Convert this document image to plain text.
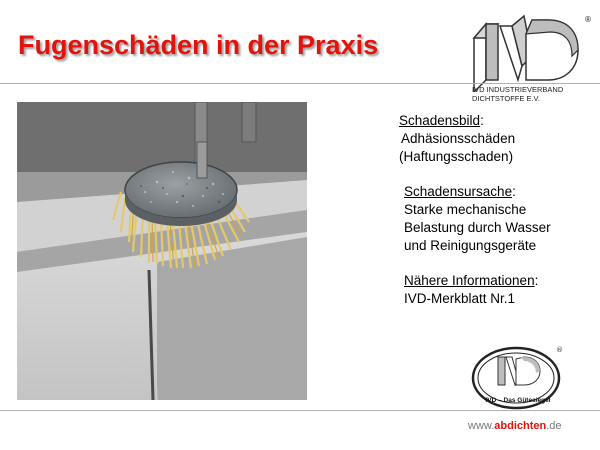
Fugenschäden in der Praxis
®
IVD INDUSTRIEVERBAND
DICHTSTOFFE E.V.

Schadensbild:

Adhäsionsschäden

(Haftungsschaden)

Schadensursache:

Starke mechanische

Belastung durch Wasser

und Reinigungsgeräte

Nähere Informationen:

IVD-Merkblatt Nr.1

®
IVD – Das Gütesiegel
www.abdichten.de
